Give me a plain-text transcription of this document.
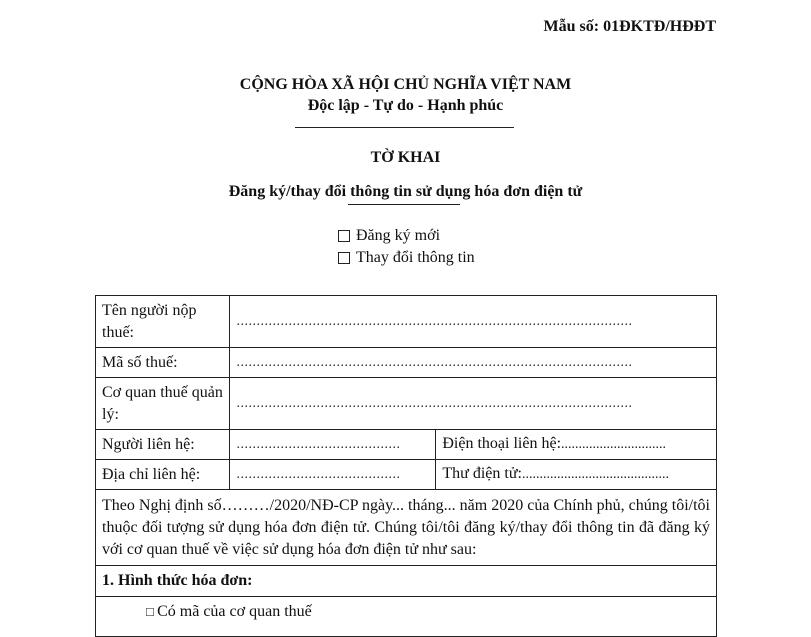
Mẫu số: 01ĐKTĐ/HĐĐT
CỘNG HÒA XÃ HỘI CHỦ NGHĨA VIỆT NAM
Độc lập - Tự do - Hạnh phúc
TỜ KHAI
Đăng ký/thay đổi thông tin sử dụng hóa đơn điện tử
Đăng ký mới
Thay đổi thông tin
Tên người nộp thuế:	...................................................................................................	

Mã số thuế:	...................................................................................................	

Cơ quan thuế quản lý:	...................................................................................................	

Người liên hệ:	.........................................	Điện thoại liên hệ:..............................
Địa chỉ liên hệ:	.........................................	Thư điện tử:..........................................
Theo Nghị định số………/2020/NĐ-CP ngày... tháng... năm 2020 của Chính phủ, chúng tôi/tôi thuộc đối tượng sử dụng hóa đơn điện tử. Chúng tôi/tôi đăng ký/thay đổi thông tin đã đăng ký với cơ quan thuế về việc sử dụng hóa đơn điện tử như sau:		
1. Hình thức hóa đơn:		
□ Có mã của cơ quan thuế		
